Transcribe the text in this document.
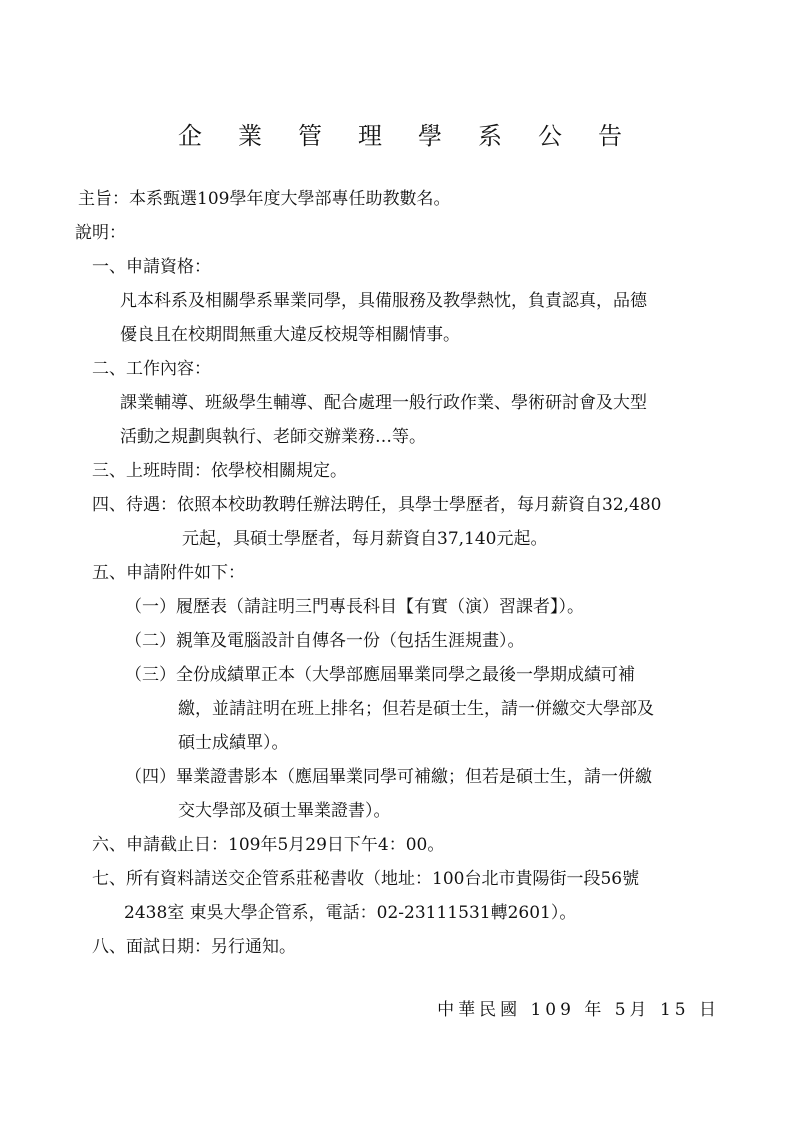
企業管理學系公告
主旨：本系甄選109學年度大學部專任助教數名。
說明：
一、申請資格：
凡本科系及相關學系畢業同學，具備服務及教學熱忱，負責認真，品德
優良且在校期間無重大違反校規等相關情事。
二、工作內容：
課業輔導、班級學生輔導、配合處理一般行政作業、學術研討會及大型
活動之規劃與執行、老師交辦業務…等。
三、上班時間：依學校相關規定。
四、待遇：依照本校助教聘任辦法聘任，具學士學歷者，每月薪資自32,480
元起，具碩士學歷者，每月薪資自37,140元起。
五、申請附件如下：
（一）履歷表（請註明三門專長科目【有實（演）習課者】）。
（二）親筆及電腦設計自傳各一份（包括生涯規畫）。
（三）全份成績單正本（大學部應屆畢業同學之最後一學期成績可補
繳，並請註明在班上排名；但若是碩士生，請一併繳交大學部及
碩士成績單）。
（四）畢業證書影本（應屆畢業同學可補繳；但若是碩士生，請一併繳
交大學部及碩士畢業證書）。
六、申請截止日：109年5月29日下午4：00。
七、所有資料請送交企管系莊秘書收（地址：100台北市貴陽街一段56號
2438室 東吳大學企管系，電話：02-23111531轉2601）。
八、面試日期：另行通知。
中華民國 109 年 5月 15 日
